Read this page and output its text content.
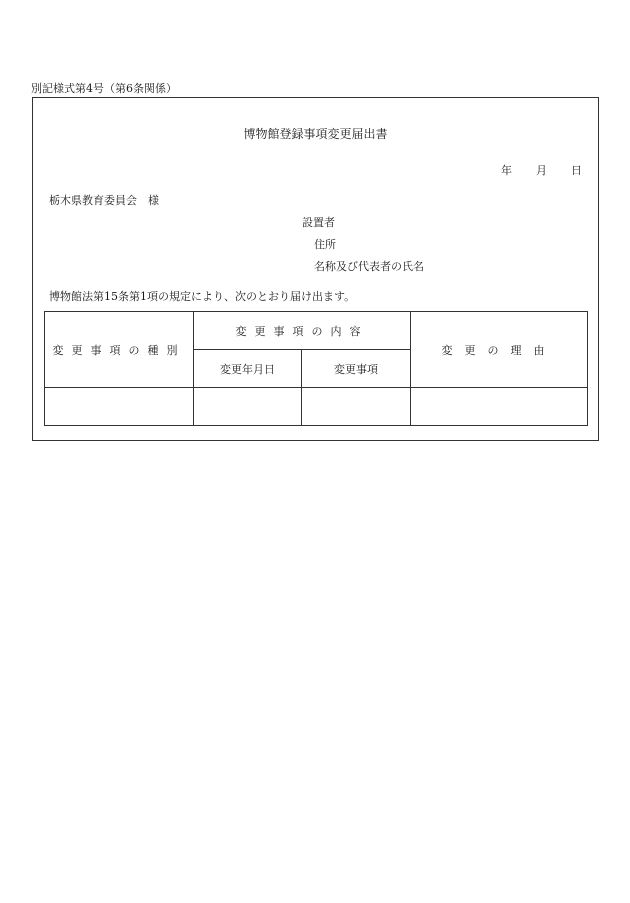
別記様式第4号（第6条関係）
博物館登録事項変更届出書
年 月 日
栃木県教育委員会　様
設置者
住所
名称及び代表者の氏名
博物館法第15条第1項の規定により、次のとおり届け出ます。
変更事項の種別	変更事項の内容		変更の理由
	変更年月日	変更事項	
